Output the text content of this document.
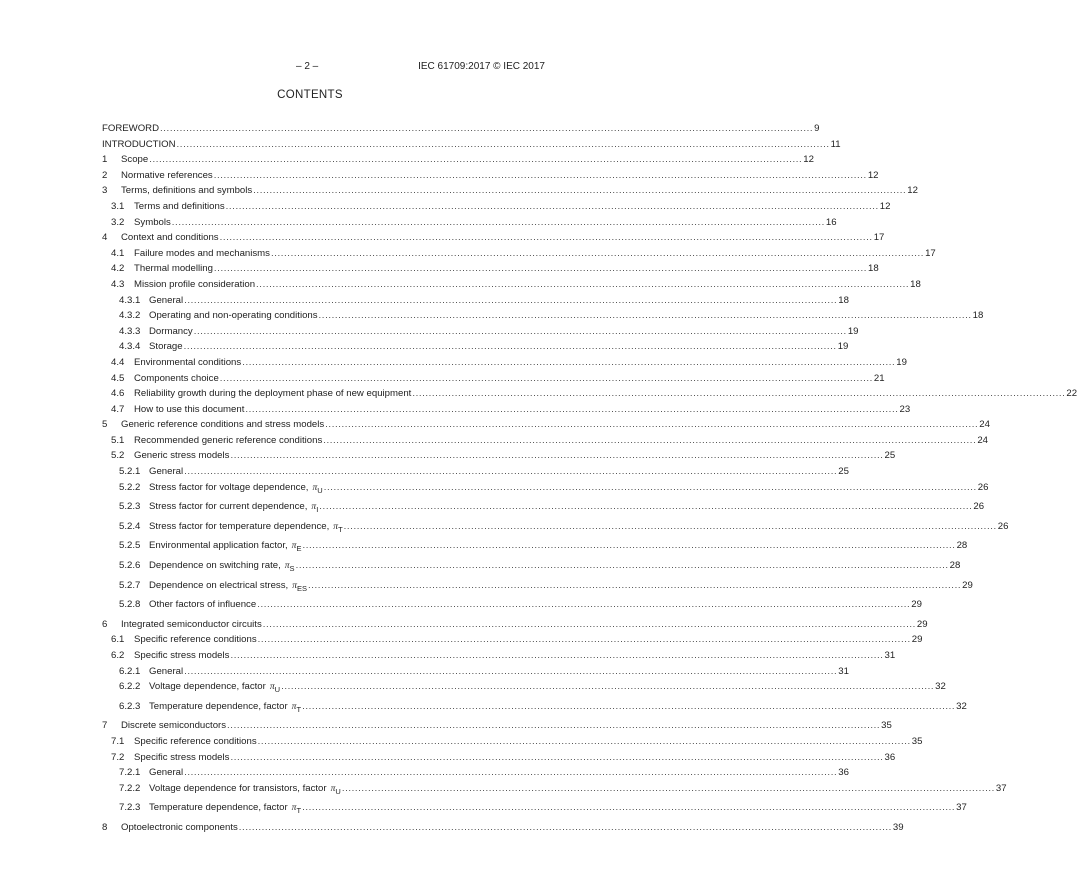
– 2 –	IEC 61709:2017 © IEC 2017
CONTENTS
FOREWORD ........................................................................................................................................................................................................ 9
INTRODUCTION ........................................................................................................................................................................................................ 11
1	Scope ........................................................................................................................................................................................................ 12
2	Normative references ........................................................................................................................................................................................................ 12
3	Terms, definitions and symbols ........................................................................................................................................................................................................ 12
3.1	Terms and definitions ........................................................................................................................................................................................................ 12
3.2	Symbols ........................................................................................................................................................................................................ 16
4	Context and conditions ........................................................................................................................................................................................................ 17
4.1	Failure modes and mechanisms ........................................................................................................................................................................................................ 17
4.2	Thermal modelling ........................................................................................................................................................................................................ 18
4.3	Mission profile consideration ........................................................................................................................................................................................................ 18
4.3.1 General ........................................................................................................................................................................................................ 18
4.3.2 Operating and non-operating conditions ........................................................................................................................................................................................................ 18
4.3.3 Dormancy ........................................................................................................................................................................................................ 19
4.3.4 Storage ........................................................................................................................................................................................................ 19
4.4	Environmental conditions ........................................................................................................................................................................................................ 19
4.5	Components choice ........................................................................................................................................................................................................ 21
4.6	Reliability growth during the deployment phase of new equipment ........................................................................................................................................................................................................ 22
4.7	How to use this document ........................................................................................................................................................................................................ 23
5	Generic reference conditions and stress models ........................................................................................................................................................................................................ 24
5.1	Recommended generic reference conditions ........................................................................................................................................................................................................ 24
5.2	Generic stress models ........................................................................................................................................................................................................ 25
5.2.1 General ........................................................................................................................................................................................................ 25
5.2.2 Stress factor for voltage dependence, $\pi_U$ ........................................................................................................................................................................................................ 26
5.2.3 Stress factor for current dependence, $\pi_I$ ........................................................................................................................................................................................................ 26
5.2.4 Stress factor for temperature dependence, $\pi_T$ ........................................................................................................................................................................................................ 26
5.2.5 Environmental application factor, $\pi_E$ ........................................................................................................................................................................................................ 28
5.2.6 Dependence on switching rate, $\pi_S$ ........................................................................................................................................................................................................ 28
5.2.7 Dependence on electrical stress, $\pi_{ES}$ ........................................................................................................................................................................................................ 29
5.2.8 Other factors of influence ........................................................................................................................................................................................................ 29
6	Integrated semiconductor circuits ........................................................................................................................................................................................................ 29
6.1	Specific reference conditions ........................................................................................................................................................................................................ 29
6.2	Specific stress models ........................................................................................................................................................................................................ 31
6.2.1 General ........................................................................................................................................................................................................ 31
6.2.2 Voltage dependence, factor $\pi_U$ ........................................................................................................................................................................................................ 32
6.2.3 Temperature dependence, factor $\pi_T$ ........................................................................................................................................................................................................ 32
7	Discrete semiconductors ........................................................................................................................................................................................................ 35
7.1	Specific reference conditions ........................................................................................................................................................................................................ 35
7.2	Specific stress models ........................................................................................................................................................................................................ 36
7.2.1 General ........................................................................................................................................................................................................ 36
7.2.2 Voltage dependence for transistors, factor $\pi_U$ ........................................................................................................................................................................................................ 37
7.2.3 Temperature dependence, factor $\pi_T$ ........................................................................................................................................................................................................ 37
8	Optoelectronic components ........................................................................................................................................................................................................ 39
